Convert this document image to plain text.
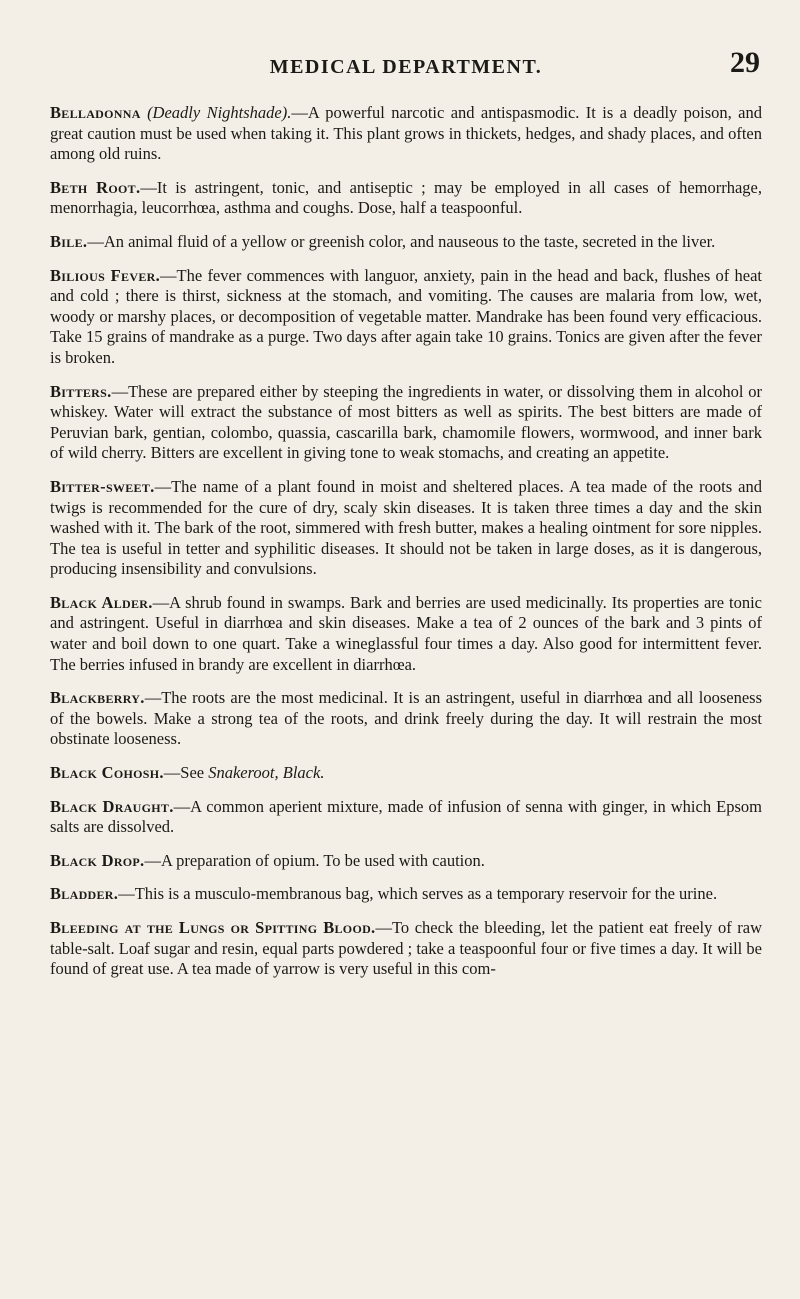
MEDICAL DEPARTMENT.	29

Belladonna (Deadly Nightshade).—A powerful narcotic and antispasmodic. It is a deadly poison, and great caution must be used when taking it. This plant grows in thickets, hedges, and shady places, and often among old ruins.

Beth Root.—It is astringent, tonic, and antiseptic ; may be employed in all cases of hemorrhage, menorrhagia, leucorrhœa, asthma and coughs. Dose, half a teaspoonful.

Bile.—An animal fluid of a yellow or greenish color, and nauseous to the taste, secreted in the liver.

Bilious Fever.—The fever commences with languor, anxiety, pain in the head and back, flushes of heat and cold ; there is thirst, sickness at the stomach, and vomiting. The causes are malaria from low, wet, woody or marshy places, or decomposition of vegetable matter. Mandrake has been found very efficacious. Take 15 grains of mandrake as a purge. Two days after again take 10 grains. Tonics are given after the fever is broken.

Bitters.—These are prepared either by steeping the ingredients in water, or dissolving them in alcohol or whiskey. Water will extract the substance of most bitters as well as spirits. The best bitters are made of Peruvian bark, gentian, colombo, quassia, cascarilla bark, chamomile flowers, wormwood, and inner bark of wild cherry. Bitters are excellent in giving tone to weak stomachs, and creating an appetite.

Bitter-sweet.—The name of a plant found in moist and sheltered places. A tea made of the roots and twigs is recommended for the cure of dry, scaly skin diseases. It is taken three times a day and the skin washed with it. The bark of the root, simmered with fresh butter, makes a healing ointment for sore nipples. The tea is useful in tetter and syphilitic diseases. It should not be taken in large doses, as it is dangerous, producing insensibility and convulsions.

Black Alder.—A shrub found in swamps. Bark and berries are used medicinally. Its properties are tonic and astringent. Useful in diarrhœa and skin diseases. Make a tea of 2 ounces of the bark and 3 pints of water and boil down to one quart. Take a wineglassful four times a day. Also good for intermittent fever. The berries infused in brandy are excellent in diarrhœa.

Blackberry.—The roots are the most medicinal. It is an astringent, useful in diarrhœa and all looseness of the bowels. Make a strong tea of the roots, and drink freely during the day. It will restrain the most obstinate looseness.

Black Cohosh.—See Snakeroot, Black.

Black Draught.—A common aperient mixture, made of infusion of senna with ginger, in which Epsom salts are dissolved.

Black Drop.—A preparation of opium. To be used with caution.

Bladder.—This is a musculo-membranous bag, which serves as a temporary reservoir for the urine.

Bleeding at the Lungs or Spitting Blood.—To check the bleeding, let the patient eat freely of raw table-salt. Loaf sugar and resin, equal parts powdered ; take a teaspoonful four or five times a day. It will be found of great use. A tea made of yarrow is very useful in this com-
